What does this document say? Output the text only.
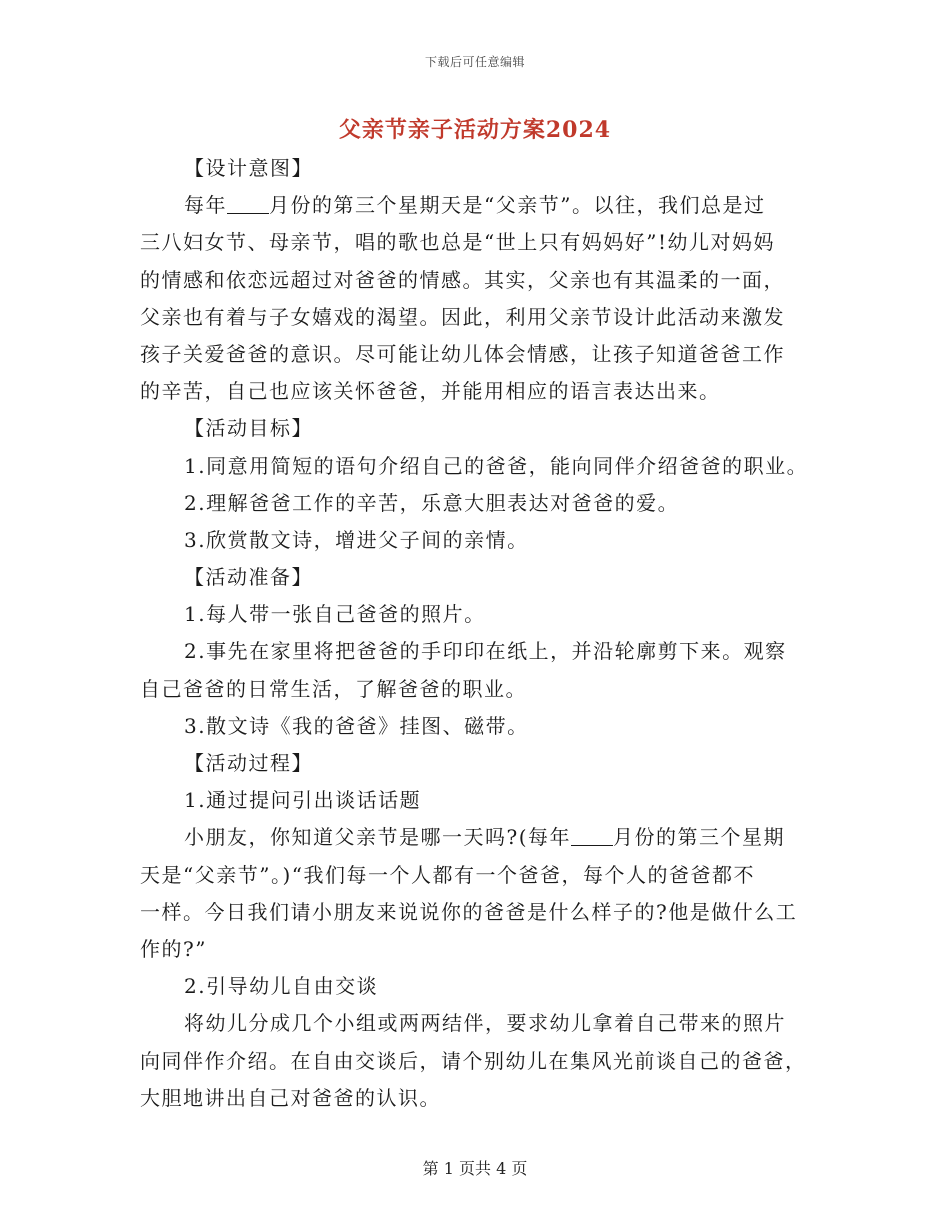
下载后可任意编辑
父亲节亲子活动方案2024
【设计意图】
每年 月份的第三个星期天是“父亲节”。以往，我们总是过
三八妇女节、母亲节，唱的歌也总是“世上只有妈妈好”!幼儿对妈妈
的情感和依恋远超过对爸爸的情感。其实，父亲也有其温柔的一面，
父亲也有着与子女嬉戏的渴望。因此，利用父亲节设计此活动来激发
孩子关爱爸爸的意识。尽可能让幼儿体会情感，让孩子知道爸爸工作
的辛苦，自己也应该关怀爸爸，并能用相应的语言表达出来。
【活动目标】
1.同意用简短的语句介绍自己的爸爸，能向同伴介绍爸爸的职业。
2.理解爸爸工作的辛苦，乐意大胆表达对爸爸的爱。
3.欣赏散文诗，增进父子间的亲情。
【活动准备】
1.每人带一张自己爸爸的照片。
2.事先在家里将把爸爸的手印印在纸上，并沿轮廓剪下来。观察
自己爸爸的日常生活，了解爸爸的职业。
3.散文诗《我的爸爸》挂图、磁带。
【活动过程】
1.通过提问引出谈话话题
小朋友，你知道父亲节是哪一天吗?(每年 月份的第三个星期
天是“父亲节”。)“我们每一个人都有一个爸爸，每个人的爸爸都不
一样。今日我们请小朋友来说说你的爸爸是什么样子的?他是做什么工
作的?”
2.引导幼儿自由交谈
将幼儿分成几个小组或两两结伴，要求幼儿拿着自己带来的照片
向同伴作介绍。在自由交谈后，请个别幼儿在集风光前谈自己的爸爸，
大胆地讲出自己对爸爸的认识。
第 1 页共 4 页
